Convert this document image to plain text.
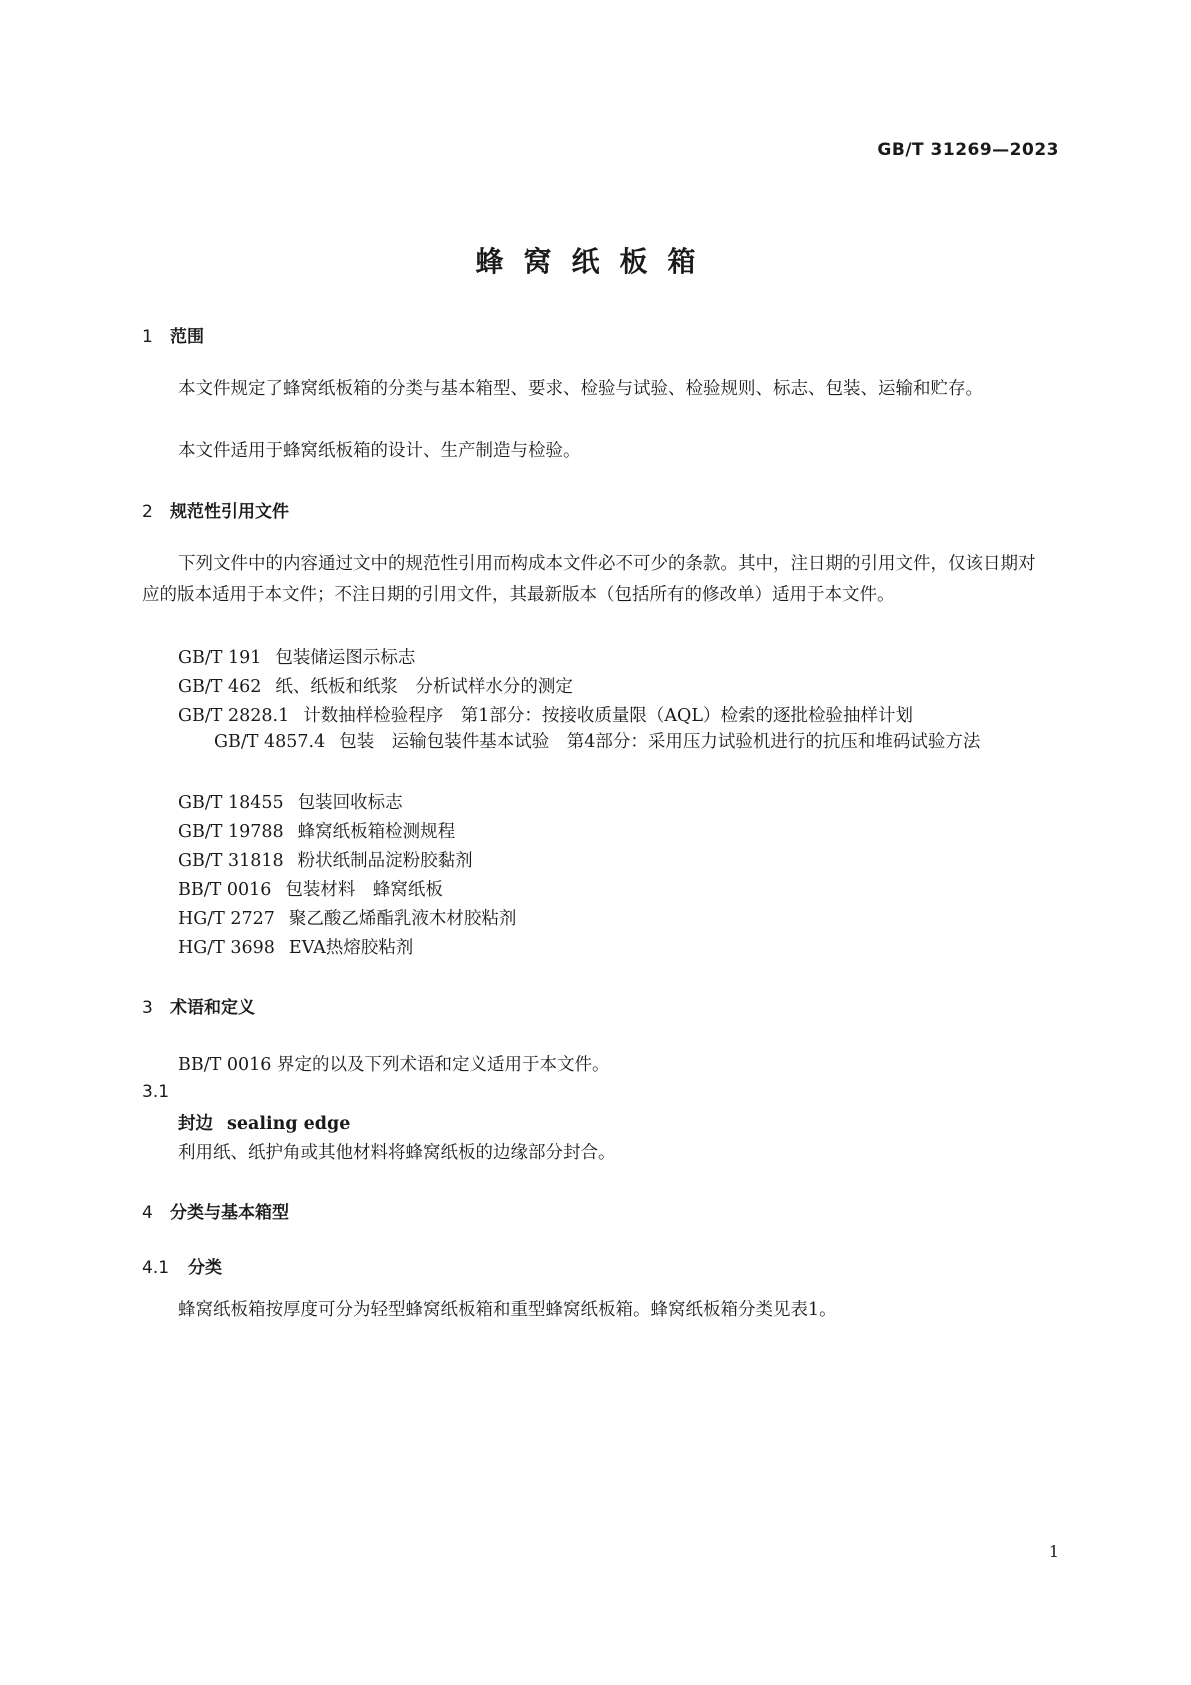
GB/T 31269—2023
蜂窝纸板箱
1 范围
本文件规定了蜂窝纸板箱的分类与基本箱型、要求、检验与试验、检验规则、标志、包装、运输和贮存。
本文件适用于蜂窝纸板箱的设计、生产制造与检验。
2 规范性引用文件
下列文件中的内容通过文中的规范性引用而构成本文件必不可少的条款。其中，注日期的引用文件，仅该日期对应的版本适用于本文件；不注日期的引用文件，其最新版本（包括所有的修改单）适用于本文件。
GB/T 191 包装储运图示标志
GB/T 462 纸、纸板和纸浆　分析试样水分的测定
GB/T 2828.1 计数抽样检验程序　第1部分：按接收质量限（AQL）检索的逐批检验抽样计划
GB/T 4857.4 包装　运输包装件基本试验　第4部分：采用压力试验机进行的抗压和堆码试验方法
GB/T 18455 包装回收标志
GB/T 19788 蜂窝纸板箱检测规程
GB/T 31818 粉状纸制品淀粉胶黏剂
BB/T 0016 包装材料　蜂窝纸板
HG/T 2727 聚乙酸乙烯酯乳液木材胶粘剂
HG/T 3698 EVA热熔胶粘剂
3 术语和定义
BB/T 0016 界定的以及下列术语和定义适用于本文件。
3.1
封边 sealing edge
利用纸、纸护角或其他材料将蜂窝纸板的边缘部分封合。
4 分类与基本箱型
4.1 分类
蜂窝纸板箱按厚度可分为轻型蜂窝纸板箱和重型蜂窝纸板箱。蜂窝纸板箱分类见表1。
1
